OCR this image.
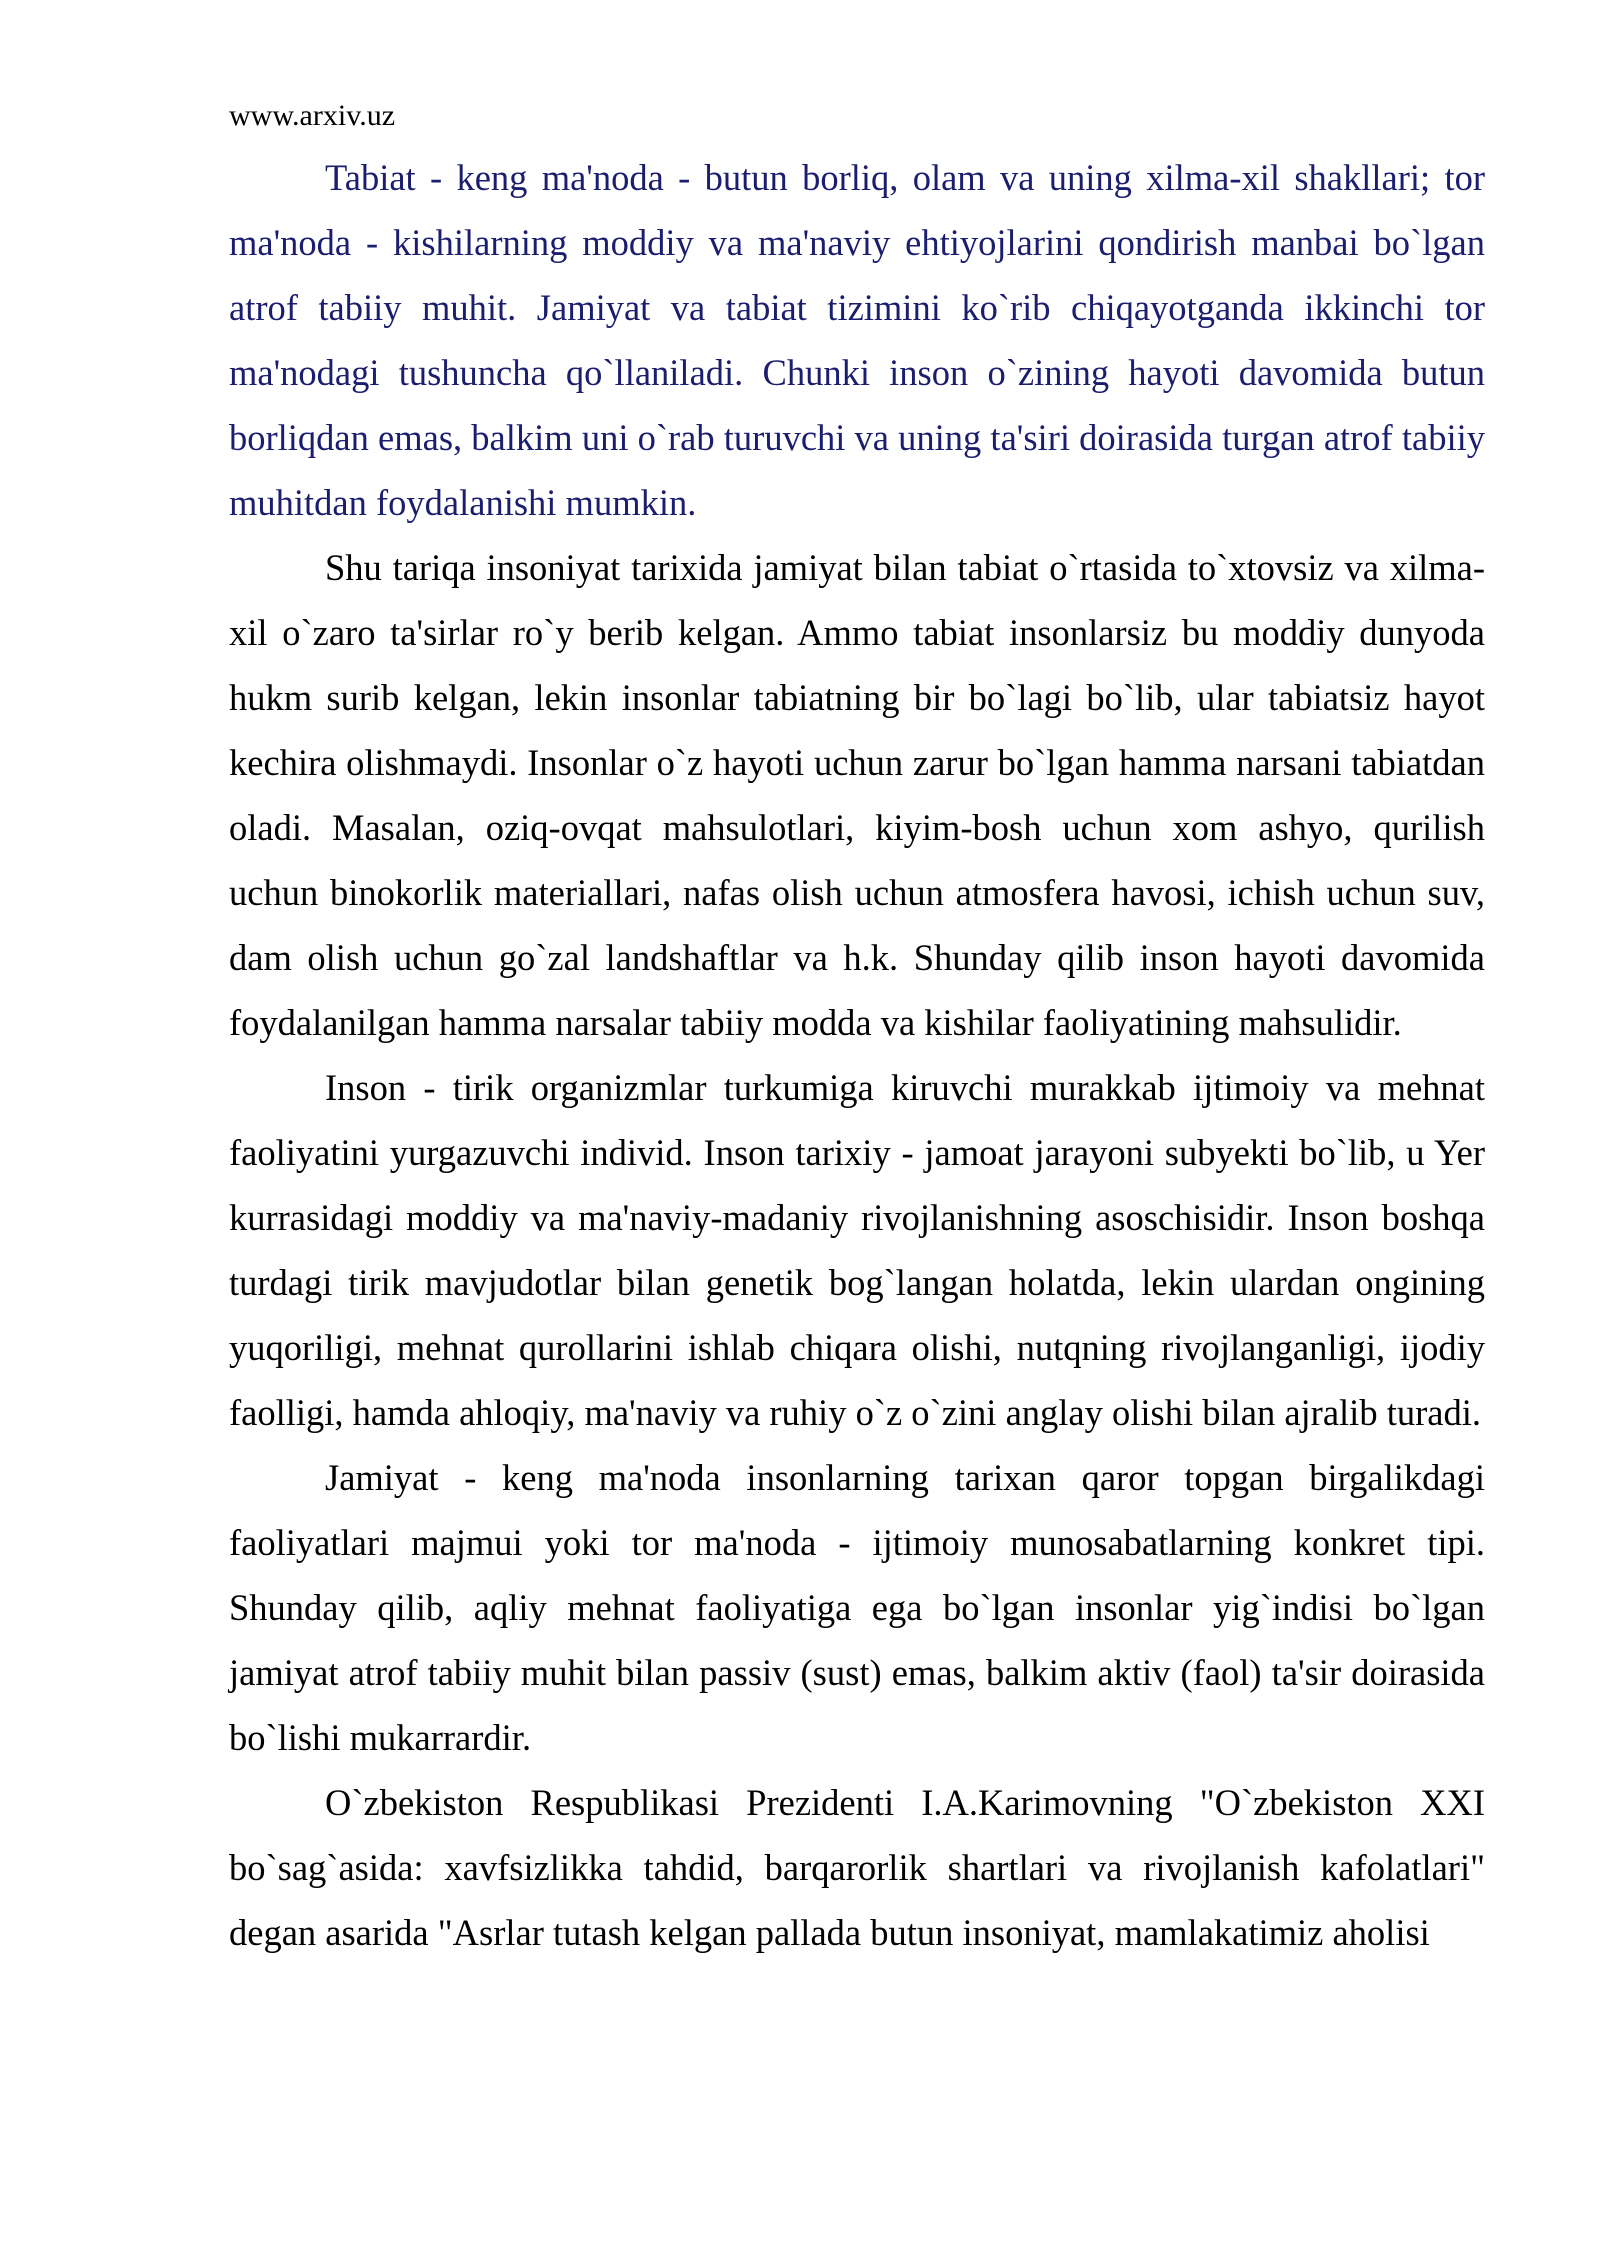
www.arxiv.uz

Tabiat - keng ma'noda - butun borliq, olam va uning xilma-xil shakllari; tor ma'noda - kishilarning moddiy va ma'naviy ehtiyojlarini qondirish manbai bo`lgan atrof tabiiy muhit. Jamiyat va tabiat tizimini ko`rib chiqayotganda ikkinchi tor ma'nodagi tushuncha qo`llaniladi. Chunki inson o`zining hayoti davomida butun borliqdan emas, balkim uni o`rab turuvchi va uning ta'siri doirasida turgan atrof tabiiy muhitdan foydalanishi mumkin.

Shu tariqa insoniyat tarixida jamiyat bilan tabiat o`rtasida to`xtovsiz va xilma-xil o`zaro ta'sirlar ro`y berib kelgan. Ammo tabiat insonlarsiz bu moddiy dunyoda hukm surib kelgan, lekin insonlar tabiatning bir bo`lagi bo`lib, ular tabiatsiz hayot kechira olishmaydi. Insonlar o`z hayoti uchun zarur bo`lgan hamma narsani tabiatdan oladi. Masalan, oziq-ovqat mahsulotlari, kiyim-bosh uchun xom ashyo, qurilish uchun binokorlik materiallari, nafas olish uchun atmosfera havosi, ichish uchun suv, dam olish uchun go`zal landshaftlar va h.k. Shunday qilib inson hayoti davomida foydalanilgan hamma narsalar tabiiy modda va kishilar faoliyatining mahsulidir.

Inson - tirik organizmlar turkumiga kiruvchi murakkab ijtimoiy va mehnat faoliyatini yurgazuvchi individ. Inson tarixiy - jamoat jarayoni subyekti bo`lib, u Yer kurrasidagi moddiy va ma'naviy-madaniy rivojlanishning asoschisidir. Inson boshqa turdagi tirik mavjudotlar bilan genetik bog`langan holatda, lekin ulardan ongining yuqoriligi, mehnat qurollarini ishlab chiqara olishi, nutqning rivojlanganligi, ijodiy faolligi, hamda ahloqiy, ma'naviy va ruhiy o`z o`zini anglay olishi bilan ajralib turadi.

Jamiyat - keng ma'noda insonlarning tarixan qaror topgan birgalikdagi faoliyatlari majmui yoki tor ma'noda - ijtimoiy munosabatlarning konkret tipi. Shunday qilib, aqliy mehnat faoliyatiga ega bo`lgan insonlar yig`indisi bo`lgan jamiyat atrof tabiiy muhit bilan passiv (sust) emas, balkim aktiv (faol) ta'sir doirasida bo`lishi mukarrardir.

O`zbekiston Respublikasi Prezidenti I.A.Karimovning "O`zbekiston XXI bo`sag`asida: xavfsizlikka tahdid, barqarorlik shartlari va rivojlanish kafolatlari" degan asarida "Asrlar tutash kelgan pallada butun insoniyat, mamlakatimiz aholisi
